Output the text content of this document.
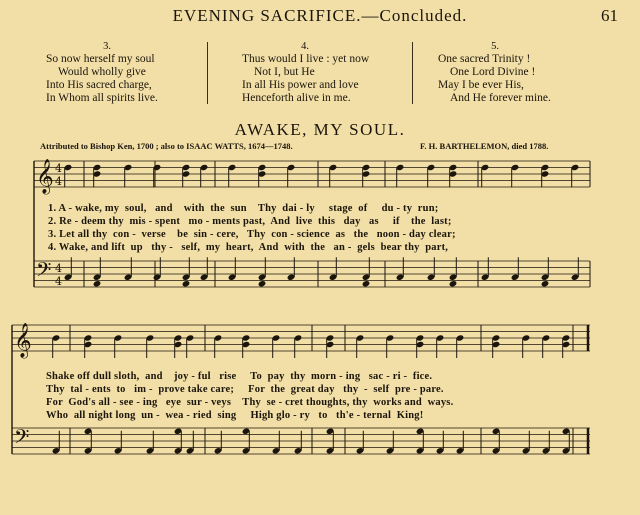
EVENING SACRIFICE.—Concluded.	61
3.
So now herself my soul
Would wholly give
Into His sacred charge,
In Whom all spirits live.
4.
Thus would I live : yet now
Not I, but He
In all His power and love
Henceforth alive in me.
5.
One sacred Trinity !
One Lord Divine !
May I be ever His,
And He forever mine.
AWAKE, MY SOUL.
Attributed to Bishop Ken, 1700 ; also to ISAAC WATTS, 1674—1748.	F. H. BARTHELEMON, died 1788.
𝄞
𝄢
4
4
4
4
𝄞
𝄢
1. A - wake, my  soul,   and    with  the  sun    Thy  dai - ly     stage  of     du - ty  run;
2. Re - deem thy  mis - spent   mo - ments past,  And  live  this   day   as     if    the  last;
3. Let all thy  con -  verse    be  sin - cere,   Thy  con - science  as   the   noon - day clear;
4. Wake, and lift  up   thy -   self,  my  heart,  And  with  the   an -  gels  bear thy  part,
Shake off dull sloth,  and    joy - ful   rise     To  pay  thy  morn - ing   sac - ri -  fice.
Thy  tal - ents  to   im -  prove take care;     For  the  great day   thy  -  self  pre - pare.
For  God's all - see - ing   eye  sur - veys    Thy  se - cret thoughts, thy  works and  ways.
Who  all night long  un -  wea - ried  sing     High glo - ry   to   th'e - ternal  King!
